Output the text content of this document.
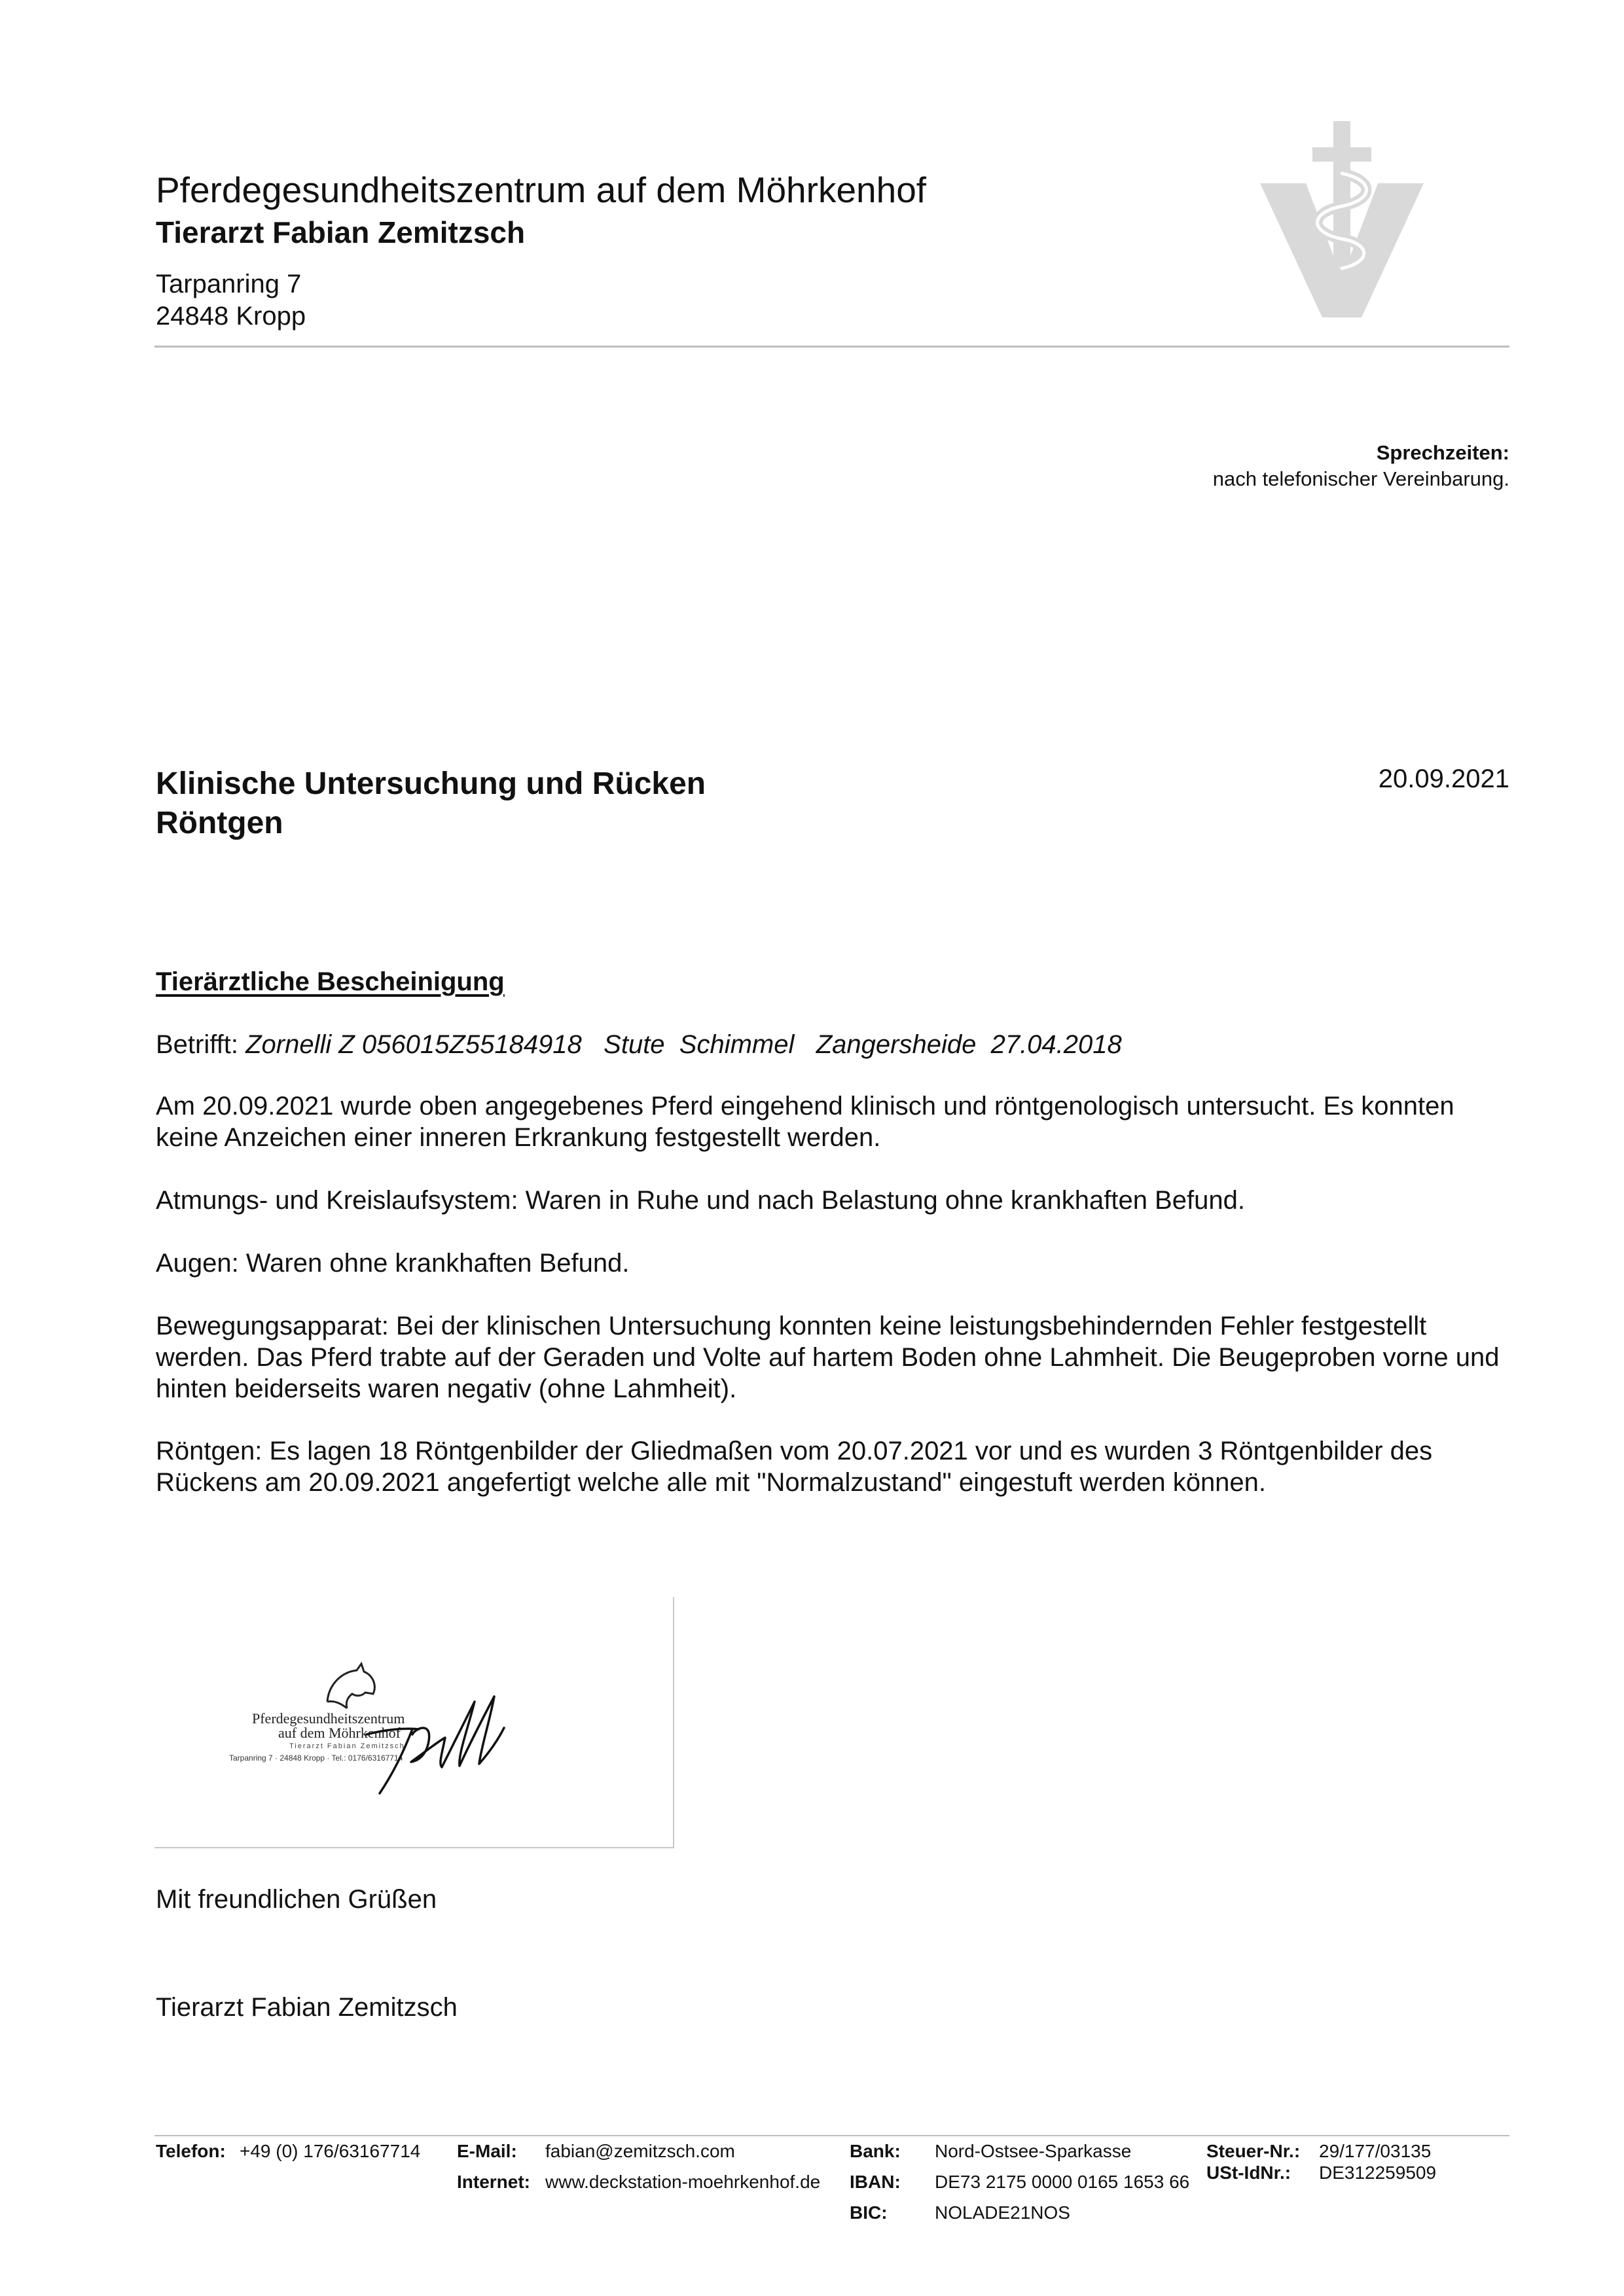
Pferdegesundheitszentrum auf dem Möhrkenhof
Tierarzt Fabian Zemitzsch
Tarpanring 7
24848 Kropp
Sprechzeiten:
nach telefonischer Vereinbarung.
Klinische Untersuchung und Rücken
Röntgen
20.09.2021
Tierärztliche Bescheinigung
Betrifft: Zornelli Z 056015Z55184918 Stute Schimmel Zangersheide 27.04.2018
Am 20.09.2021 wurde oben angegebenes Pferd eingehend klinisch und röntgenologisch untersucht. Es konnten keine Anzeichen einer inneren Erkrankung festgestellt werden.
Atmungs- und Kreislaufsystem: Waren in Ruhe und nach Belastung ohne krankhaften Befund.
Augen: Waren ohne krankhaften Befund.
Bewegungsapparat: Bei der klinischen Untersuchung konnten keine leistungsbehindernden Fehler festgestellt werden. Das Pferd trabte auf der Geraden und Volte auf hartem Boden ohne Lahmheit. Die Beugeproben vorne und hinten beiderseits waren negativ (ohne Lahmheit).
Röntgen: Es lagen 18 Röntgenbilder der Gliedmaßen vom 20.07.2021 vor und es wurden 3 Röntgenbilder des Rückens am 20.09.2021 angefertigt welche alle mit "Normalzustand" eingestuft werden können.
Pferdegesundheitszentrum
auf dem Möhrkenhof
Tierarzt Fabian Zemitzsch
Tarpanring 7 · 24848 Kropp · Tel.: 0176/63167714
Mit freundlichen Grüßen
Tierarzt Fabian Zemitzsch
Telefon: +49 (0) 176/63167714 E-Mail: fabian@zemitzsch.com
Internet: www.deckstation-moehrkenhof.de
Bank: Nord-Ostsee-Sparkasse
IBAN: DE73 2175 0000 0165 1653 66
BIC:	NOLADE21NOS
Steuer-Nr.: 29/177/03135
USt-IdNr.: DE312259509
